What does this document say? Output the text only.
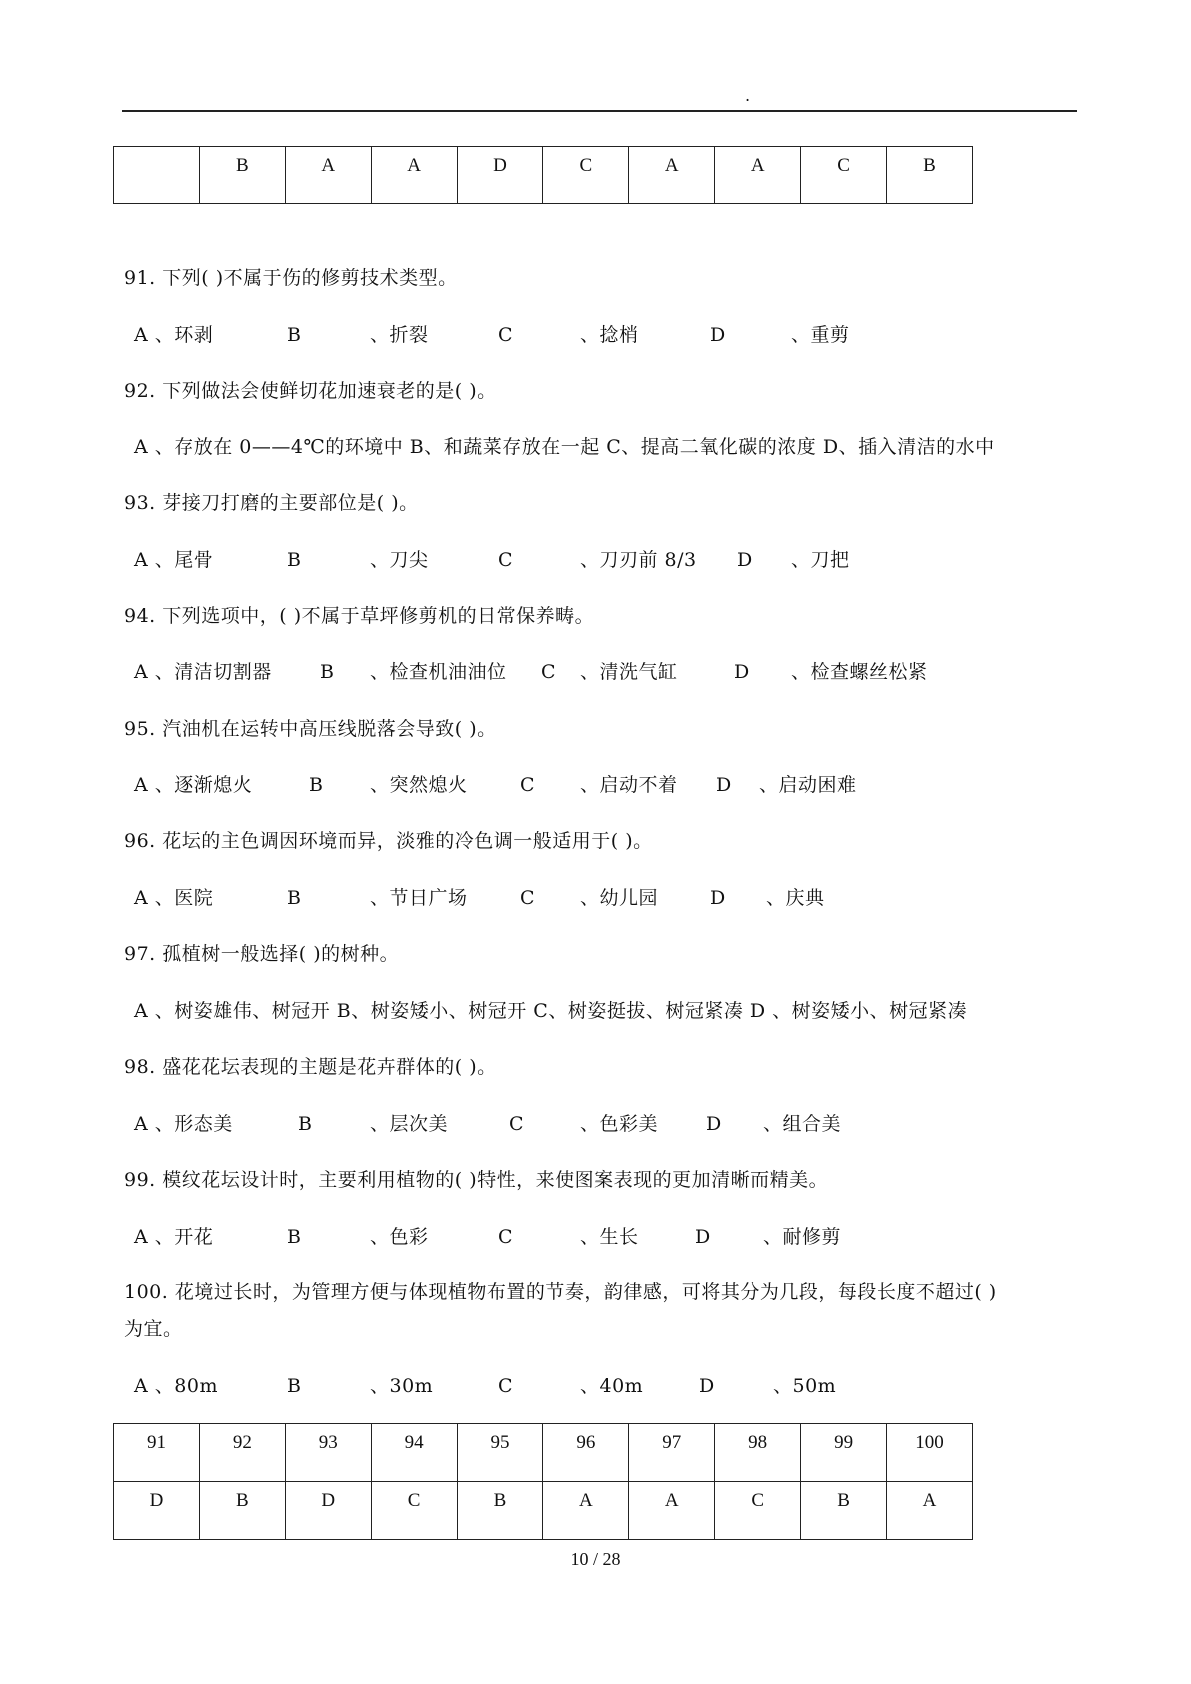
.
	B	A	A	D	C	A	A	C	B
91. 下列( )不属于伤的修剪技术类型。
A 、环剥	B	、折裂	C	、捻梢	D	、重剪
92. 下列做法会使鲜切花加速衰老的是( )。
A 、存放在 0——4℃的环境中 B、和蔬菜存放在一起 C、提高二氧化碳的浓度 D、插入清洁的水中
93. 芽接刀打磨的主要部位是( )。
A 、尾骨	B	、刀尖	C	、刀刃前 8/3 D 、刀把
94. 下列选项中，( )不属于草坪修剪机的日常保养畴。
A 、清洁切割器	B 、检查机油油位 C 、清洗气缸	D 、检查螺丝松紧
95. 汽油机在运转中高压线脱落会导致( )。
A 、逐渐熄火	B 、突然熄火	C 、启动不着 D 、启动困难
96. 花坛的主色调因环境而异，淡雅的冷色调一般适用于( )。
A 、医院	B	、节日广场	C 、幼儿园	D 、庆典
97. 孤植树一般选择( )的树种。
A 、树姿雄伟、树冠开 B、树姿矮小、树冠开 C、树姿挺拔、树冠紧凑 D 、树姿矮小、树冠紧凑
98. 盛花花坛表现的主题是花卉群体的( )。
A 、形态美	B	、层次美	C	、色彩美	D 、组合美
99. 模纹花坛设计时，主要利用植物的( )特性，来使图案表现的更加清晰而精美。
A 、开花	B	、色彩	C	、生长	D	、耐修剪
100. 花境过长时，为管理方便与体现植物布置的节奏，韵律感，可将其分为几段，每段长度不超过( )
为宜。
A 、80m	B	、30m	C	、40m	D	、50m
91	92	93	94	95	96	97	98	99	100
D	B	D	C	B	A	A	C	B	A
10 / 28
